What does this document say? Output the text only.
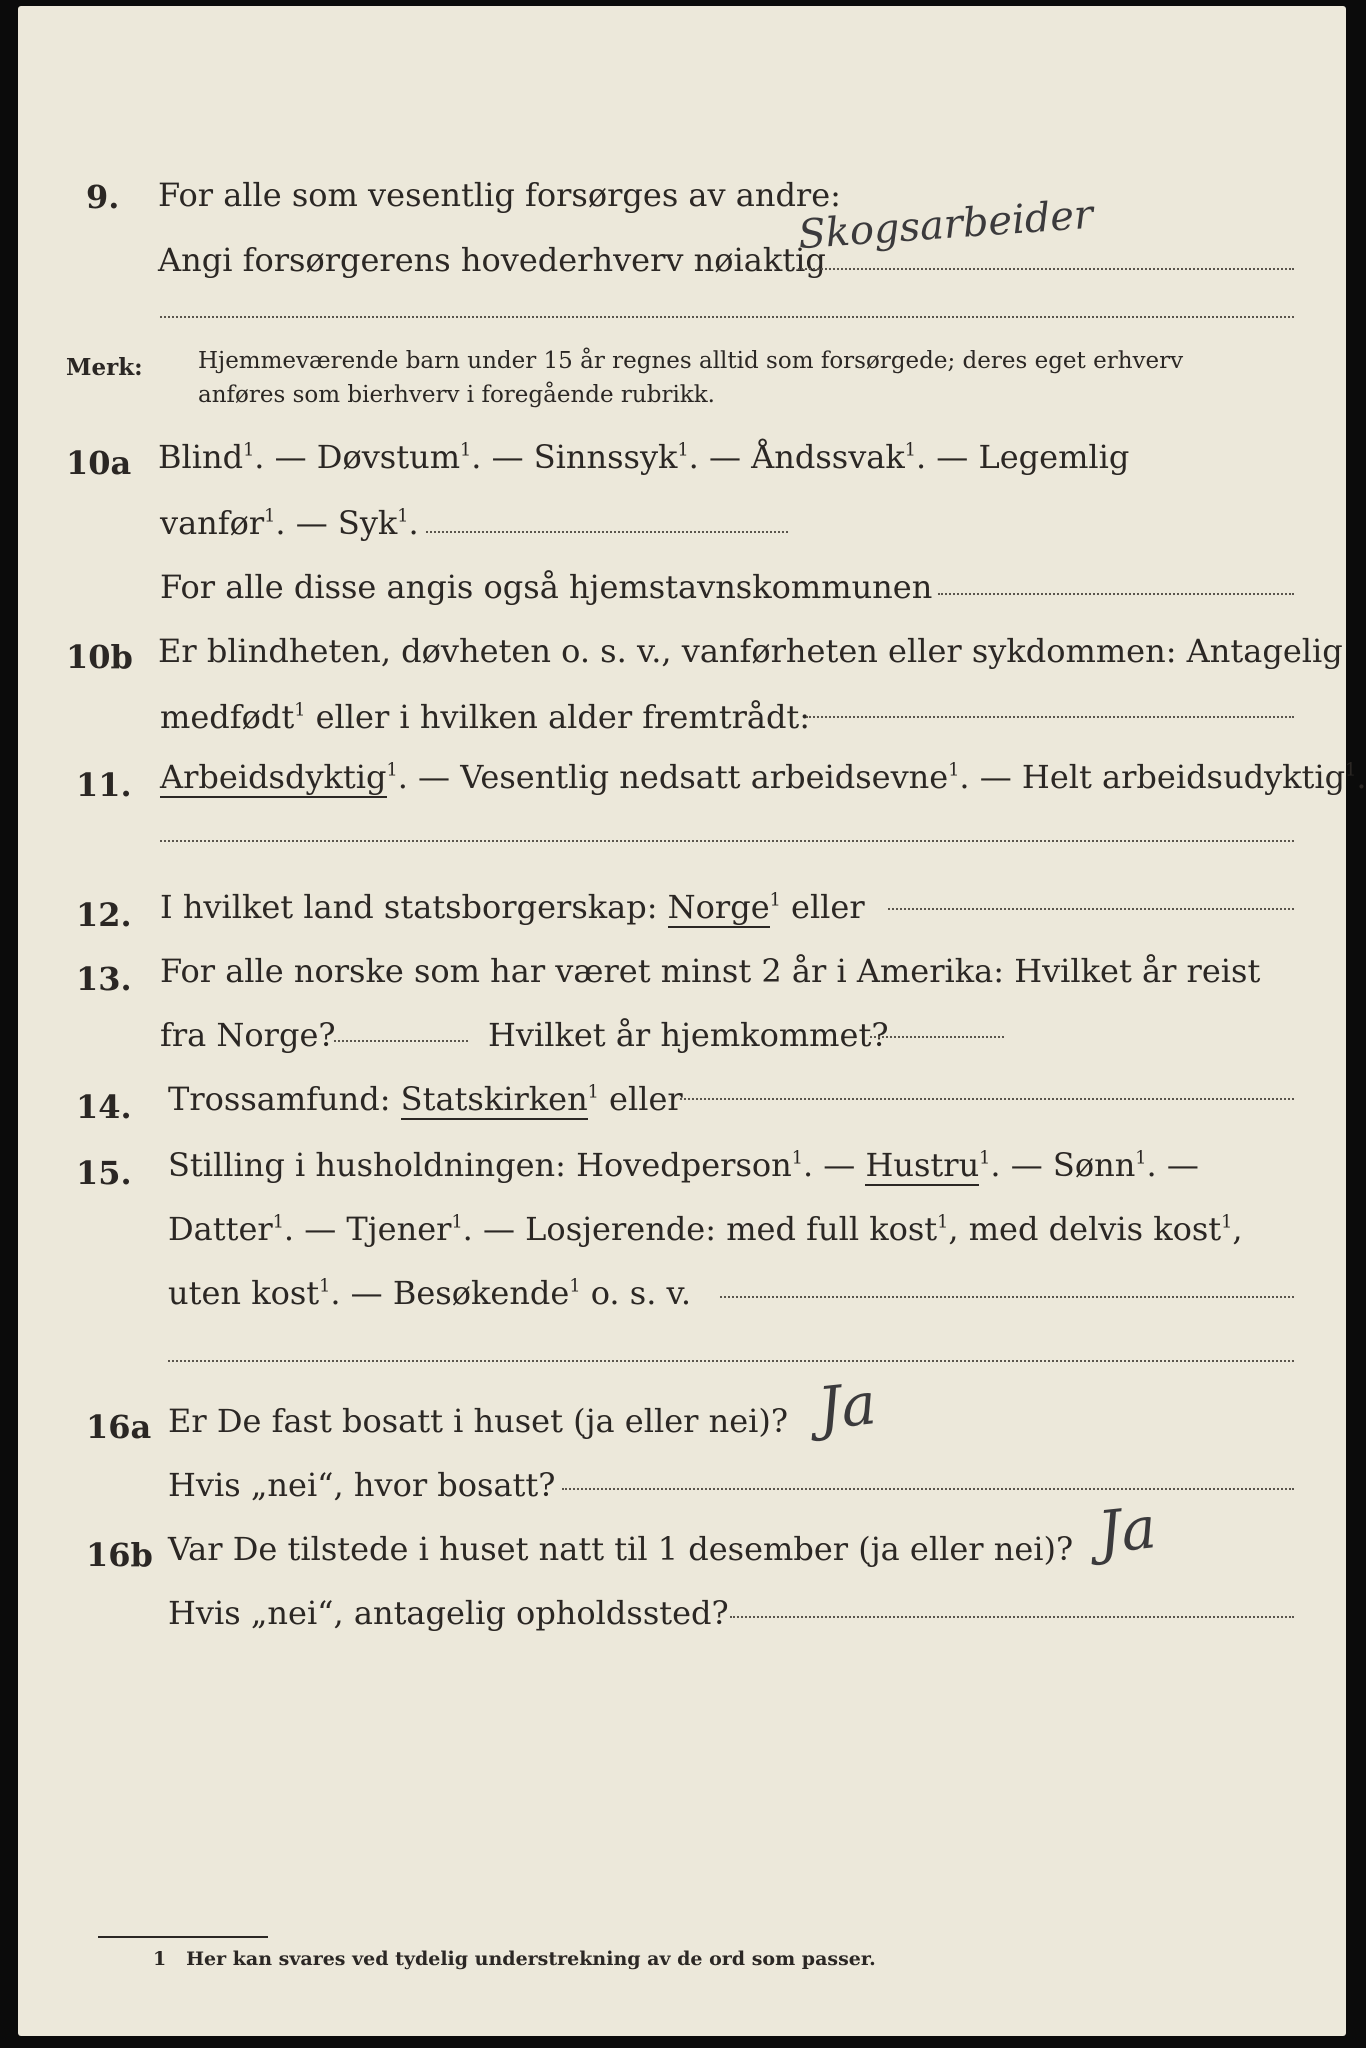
9. For alle som vesentlig forsørges av andre:
Skogsarbeider
Angi forsørgerens hovederhverv nøiaktig
Merk: Hjemmeværende barn under 15 år regnes alltid som forsørgede; deres eget erhverv
anføres som bierhverv i foregående rubrikk.
10a Blind$^1$. — Døvstum$^1$. — Sinnssyk$^1$. — Åndssvak$^1$. — Legemlig
vanfør$^1$. — Syk$^1$.
For alle disse angis også hjemstavnskommunen
10b Er blindheten, døvheten o. s. v., vanførheten eller sykdommen: Antagelig
medfødt$^1$ eller i hvilken alder fremtrådt:
11. Arbeidsdyktig$^1$. — Vesentlig nedsatt arbeidsevne$^1$. — Helt arbeidsudyktig$^1$.
12. I hvilket land statsborgerskap: Norge$^1$ eller
13. For alle norske som har været minst 2 år i Amerika: Hvilket år reist
fra Norge?	Hvilket år hjemkommet?
14. Trossamfund: Statskirken$^1$ eller
15. Stilling i husholdningen: Hovedperson$^1$. — Hustru$^1$. — Sønn$^1$. —
Datter$^1$. — Tjener$^1$. — Losjerende: med full kost$^1$, med delvis kost$^1$,
uten kost$^1$. — Besøkende$^1$ o. s. v.
16a Er De fast bosatt i huset (ja eller nei)? Ja
Hvis „nei“, hvor bosatt?
16b Var De tilstede i huset natt til 1 desember (ja eller nei)? Ja
Hvis „nei“, antagelig opholdssted?
1 Her kan svares ved tydelig understrekning av de ord som passer.
